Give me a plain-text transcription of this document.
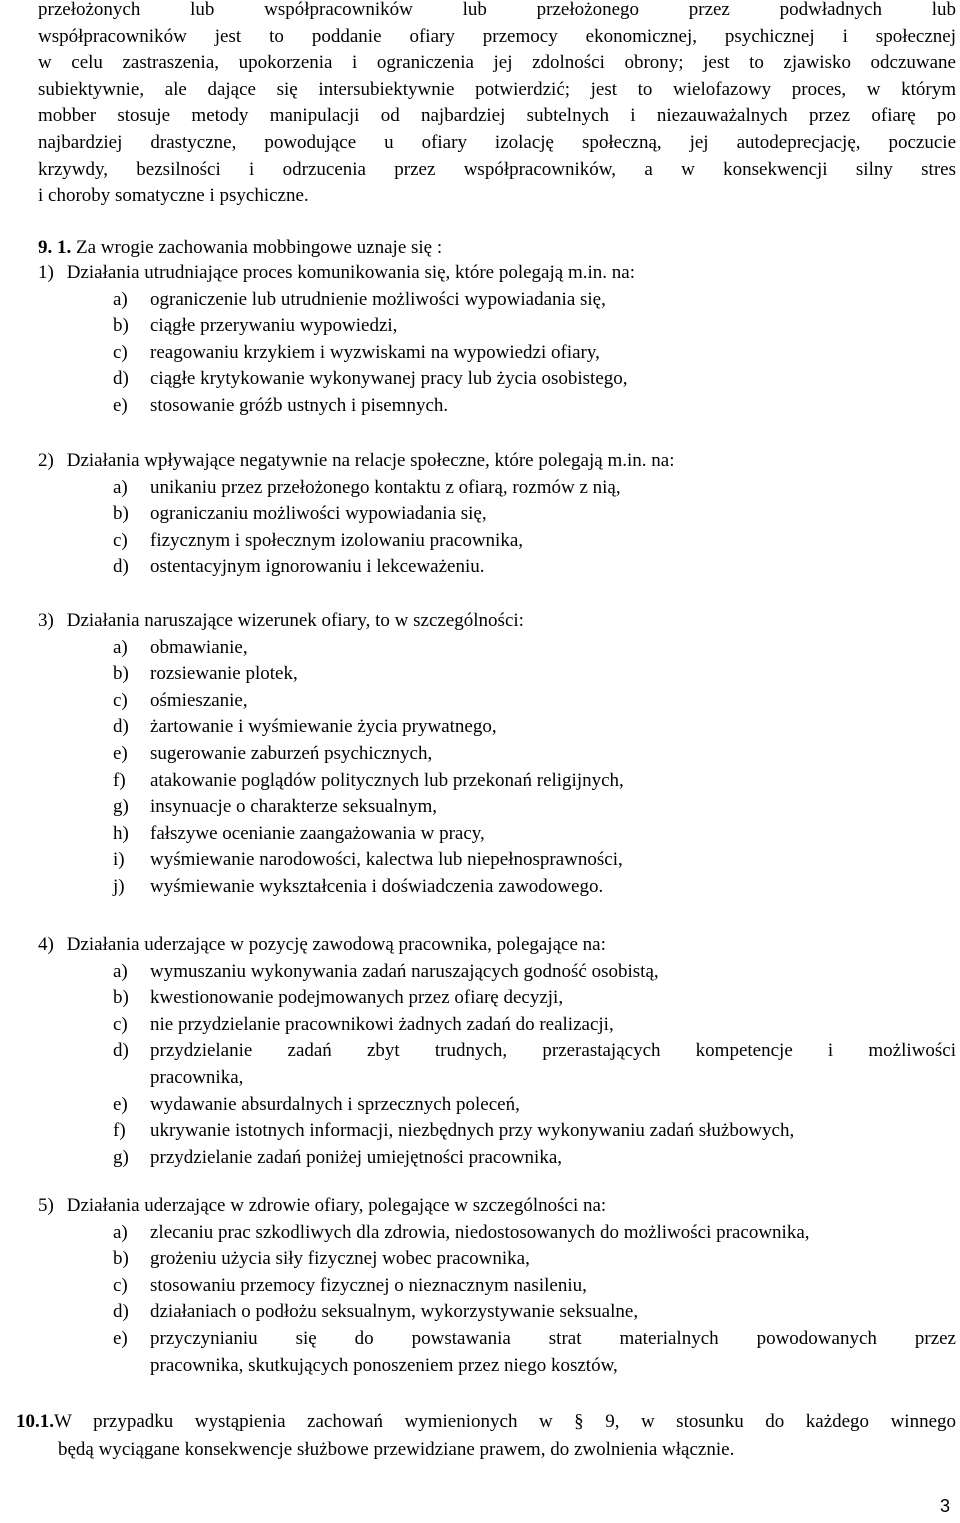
przełożonych lub współpracowników lub przełożonego przez podwładnych lub
współpracowników jest to poddanie ofiary przemocy ekonomicznej, psychicznej i społecznej
w celu zastraszenia, upokorzenia i ograniczenia jej zdolności obrony; jest to zjawisko odczuwane
subiektywnie, ale dające się intersubiektywnie potwierdzić; jest to wielofazowy proces, w którym
mobber stosuje metody manipulacji od najbardziej subtelnych i niezauważalnych przez ofiarę po
najbardziej drastyczne, powodujące u ofiary izolację społeczną, jej autodeprecjację, poczucie
krzywdy, bezsilności i odrzucenia przez współpracowników, a w konsekwencji silny stres
i choroby somatyczne i psychiczne.
9. 1. Za wrogie zachowania mobbingowe uznaje się :
1) Działania utrudniające proces komunikowania się, które polegają m.in. na:
a) ograniczenie lub utrudnienie możliwości wypowiadania się,
b) ciągłe przerywaniu wypowiedzi,
c) reagowaniu krzykiem i wyzwiskami na wypowiedzi ofiary,
d) ciągłe krytykowanie wykonywanej pracy lub życia osobistego,
e) stosowanie gróźb ustnych i pisemnych.
2) Działania wpływające negatywnie na relacje społeczne, które polegają m.in. na:
a) unikaniu przez przełożonego kontaktu z ofiarą, rozmów z nią,
b) ograniczaniu możliwości wypowiadania się,
c) fizycznym i społecznym izolowaniu pracownika,
d) ostentacyjnym ignorowaniu i lekceważeniu.
3) Działania naruszające wizerunek ofiary, to w szczególności:
a) obmawianie,
b) rozsiewanie plotek,
c) ośmieszanie,
d) żartowanie i wyśmiewanie życia prywatnego,
e) sugerowanie zaburzeń psychicznych,
f) atakowanie poglądów politycznych lub przekonań religijnych,
g) insynuacje o charakterze seksualnym,
h) fałszywe ocenianie zaangażowania w pracy,
i) wyśmiewanie narodowości, kalectwa lub niepełnosprawności,
j) wyśmiewanie wykształcenia i doświadczenia zawodowego.
4) Działania uderzające w pozycję zawodową pracownika, polegające na:
a) wymuszaniu wykonywania zadań naruszających godność osobistą,
b) kwestionowanie podejmowanych przez ofiarę decyzji,
c) nie przydzielanie pracownikowi żadnych zadań do realizacji,
d) przydzielanie zadań zbyt trudnych, przerastających kompetencje i możliwości
pracownika,
e) wydawanie absurdalnych i sprzecznych poleceń,
f) ukrywanie istotnych informacji, niezbędnych przy wykonywaniu zadań służbowych,
g) przydzielanie zadań poniżej umiejętności pracownika,
5) Działania uderzające w zdrowie ofiary, polegające w szczególności na:
a) zlecaniu prac szkodliwych dla zdrowia, niedostosowanych do możliwości pracownika,
b) grożeniu użycia siły fizycznej wobec pracownika,
c) stosowaniu przemocy fizycznej o nieznacznym nasileniu,
d) działaniach o podłożu seksualnym, wykorzystywanie seksualne,
e) przyczynianiu się do powstawania strat materialnych powodowanych przez
pracownika, skutkujących ponoszeniem przez niego kosztów,
10.1.W przypadku wystąpienia zachowań wymienionych w § 9, w stosunku do każdego winnego
będą wyciągane konsekwencje służbowe przewidziane prawem, do zwolnienia włącznie.
3
